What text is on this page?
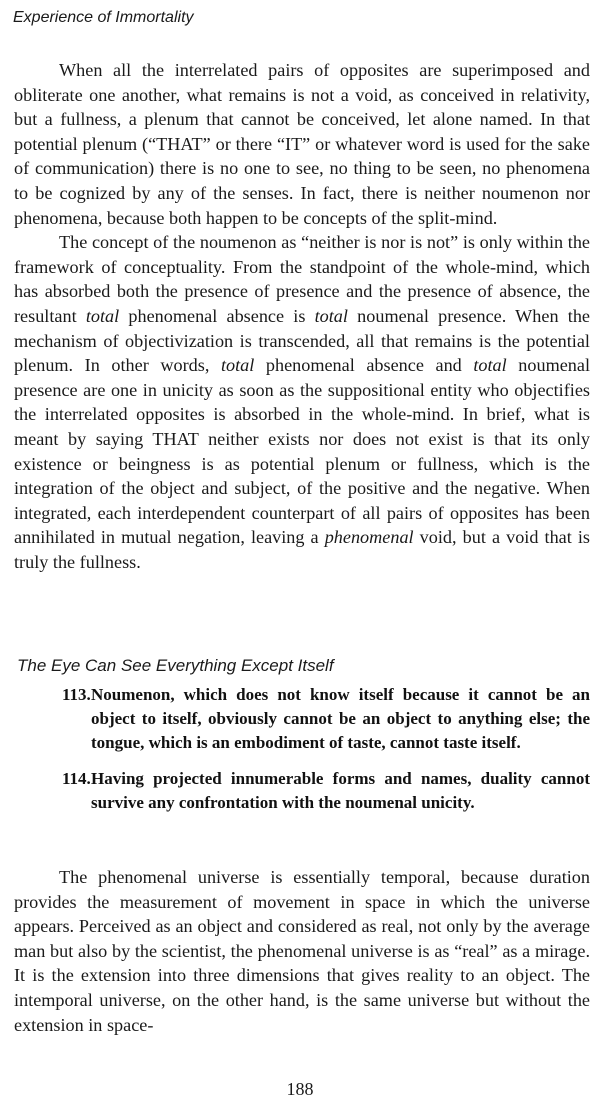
Experience of Immortality

When all the interrelated pairs of opposites are superimposed and obliterate one another, what remains is not a void, as conceived in relativity, but a fullness, a plenum that cannot be conceived, let alone named. In that potential plenum (“THAT” or there “IT” or whatever word is used for the sake of communication) there is no one to see, no thing to be seen, no phenomena to be cognized by any of the senses. In fact, there is neither noumenon nor phenomena, because both happen to be concepts of the split-mind.

The concept of the noumenon as “neither is nor is not” is only within the framework of conceptuality. From the standpoint of the whole-mind, which has absorbed both the presence of presence and the presence of absence, the resultant total phenomenal absence is total noumenal presence. When the mechanism of objectivization is transcended, all that remains is the potential plenum. In other words, total phenomenal absence and total noumenal presence are one in unicity as soon as the suppositional entity who objectifies the interrelated opposites is absorbed in the whole-mind. In brief, what is meant by saying THAT neither exists nor does not exist is that its only existence or beingness is as potential plenum or fullness, which is the integration of the object and subject, of the positive and the negative. When integrated, each interdependent counterpart of all pairs of opposites has been annihilated in mutual negation, leaving a phenomenal void, but a void that is truly the fullness.

The Eye Can See Everything Except Itself
113. Noumenon, which does not know itself because it cannot be an object to itself, obviously cannot be an object to anything else; the tongue, which is an embodiment of taste, cannot taste itself.
114. Having projected innumerable forms and names, duality cannot survive any confrontation with the noumenal unicity.

The phenomenal universe is essentially temporal, because duration provides the measurement of movement in space in which the universe appears. Perceived as an object and considered as real, not only by the average man but also by the scientist, the phenomenal universe is as “real” as a mirage. It is the extension into three dimensions that gives reality to an object. The intemporal universe, on the other hand, is the same universe but without the extension in space-

188
